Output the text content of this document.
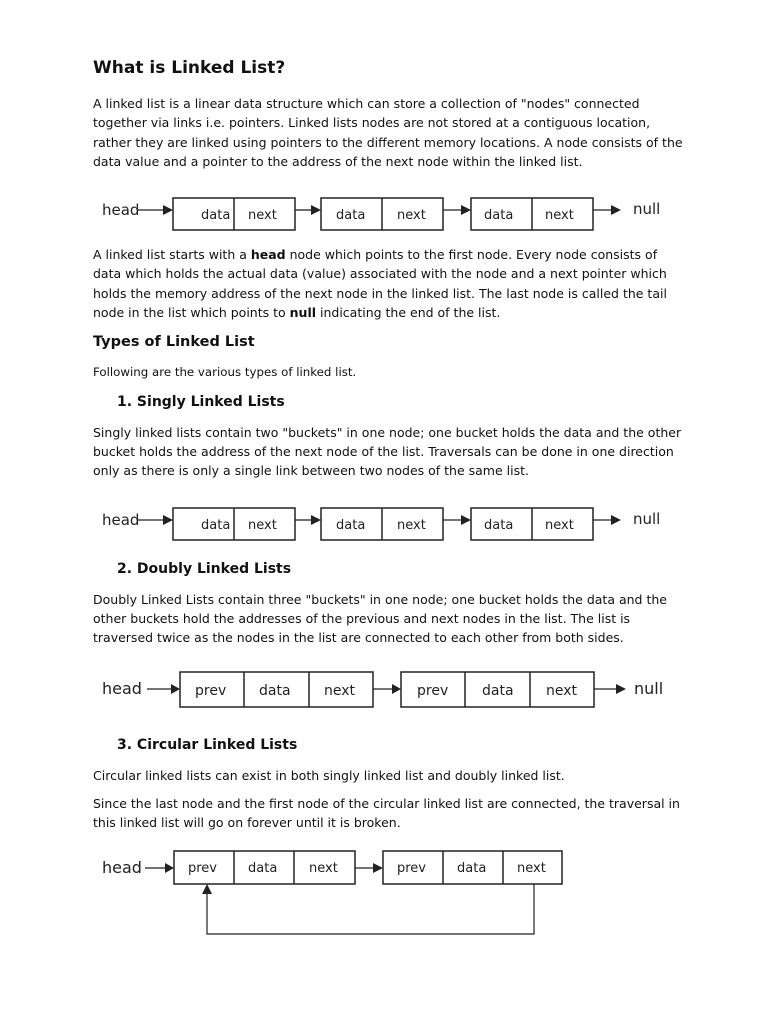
What is Linked List?

A linked list is a linear data structure which can store a collection of "nodes" connected together via links i.e. pointers. Linked lists nodes are not stored at a contiguous location, rather they are linked using pointers to the different memory locations. A node consists of the data value and a pointer to the address of the next node within the linked list.

head	data next	data next	data next	null

A linked list starts with a head node which points to the first node. Every node consists of data which holds the actual data (value) associated with the node and a next pointer which holds the memory address of the next node in the linked list. The last node is called the tail node in the list which points to null indicating the end of the list.

Types of Linked List

Following are the various types of linked list.

1. Singly Linked Lists

Singly linked lists contain two "buckets" in one node; one bucket holds the data and the other bucket holds the address of the next node of the list. Traversals can be done in one direction only as there is only a single link between two nodes of the same list.

head	data next	data next	data next	null
2. Doubly Linked Lists

Doubly Linked Lists contain three "buckets" in one node; one bucket holds the data and the other buckets hold the addresses of the previous and next nodes in the list. The list is traversed twice as the nodes in the list are connected to each other from both sides.

head	prev data next	prev data next	null
3. Circular Linked Lists

Circular linked lists can exist in both singly linked list and doubly linked list.

Since the last node and the first node of the circular linked list are connected, the traversal in this linked list will go on forever until it is broken.

head	prev data next	prev data next
